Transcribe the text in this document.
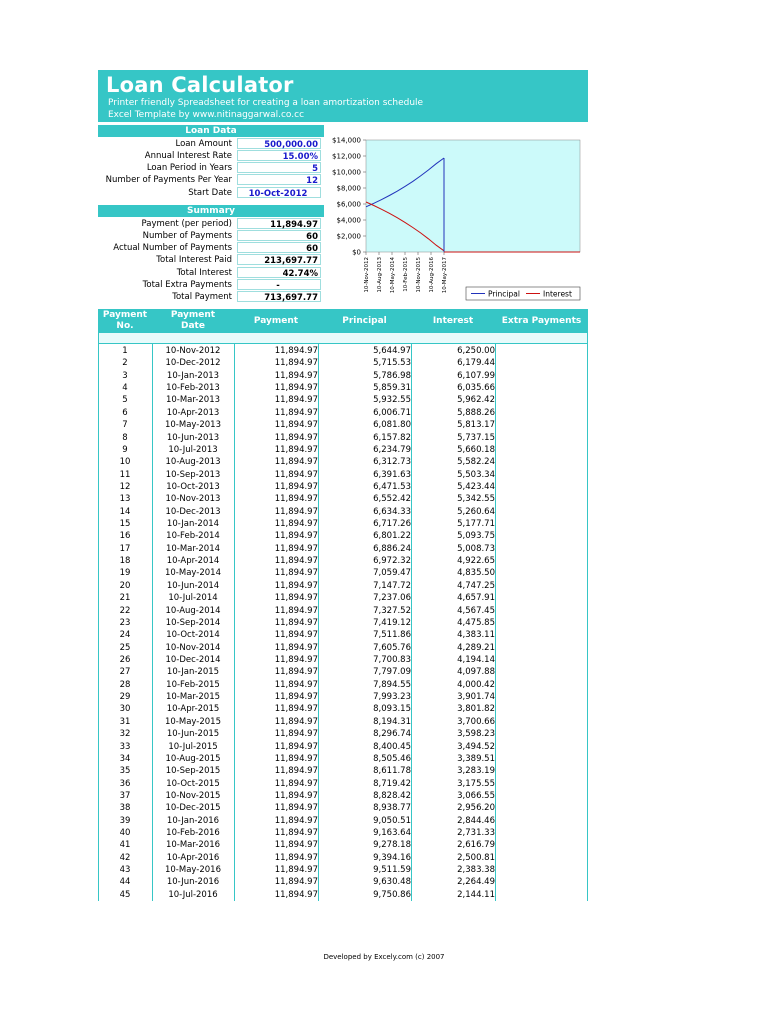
Loan Calculator
Printer friendly Spreadsheet for creating a loan amortization schedule
Excel Template by www.nitinaggarwal.co.cc
Loan Data
Loan Amount	500,000.00
Annual Interest Rate	15.00%
Loan Period in Years	5
Number of Payments Per Year	12
Start Date	10-Oct-2012
Summary
Payment (per period)	11,894.97
Number of Payments	60
Actual Number of Payments	60
Total Interest Paid	213,697.77
Total Interest	42.74%
Total Extra Payments	-
Total Payment	713,697.77
$0
$2,000
$4,000
$6,000
$8,000
$10,000
$12,000
$14,000
10-Nov-2012 10-Aug-2013 10-May-2014 10-Feb-2015 10-Nov-2015 10-Aug-2016 10-May-2017
Principal	Interest
Payment
No.
Payment
Date	Payment	Principal	Interest	Extra Payments
1	10-Nov-2012	11,894.97	5,644.97	6,250.00
2	10-Dec-2012	11,894.97	5,715.53	6,179.44
3	10-Jan-2013	11,894.97	5,786.98	6,107.99
4	10-Feb-2013	11,894.97	5,859.31	6,035.66
5	10-Mar-2013	11,894.97	5,932.55	5,962.42
6	10-Apr-2013	11,894.97	6,006.71	5,888.26
7	10-May-2013	11,894.97	6,081.80	5,813.17
8	10-Jun-2013	11,894.97	6,157.82	5,737.15
9	10-Jul-2013	11,894.97	6,234.79	5,660.18
10	10-Aug-2013	11,894.97	6,312.73	5,582.24
11	10-Sep-2013	11,894.97	6,391.63	5,503.34
12	10-Oct-2013	11,894.97	6,471.53	5,423.44
13	10-Nov-2013	11,894.97	6,552.42	5,342.55
14	10-Dec-2013	11,894.97	6,634.33	5,260.64
15	10-Jan-2014	11,894.97	6,717.26	5,177.71
16	10-Feb-2014	11,894.97	6,801.22	5,093.75
17	10-Mar-2014	11,894.97	6,886.24	5,008.73
18	10-Apr-2014	11,894.97	6,972.32	4,922.65
19	10-May-2014	11,894.97	7,059.47	4,835.50
20	10-Jun-2014	11,894.97	7,147.72	4,747.25
21	10-Jul-2014	11,894.97	7,237.06	4,657.91
22	10-Aug-2014	11,894.97	7,327.52	4,567.45
23	10-Sep-2014	11,894.97	7,419.12	4,475.85
24	10-Oct-2014	11,894.97	7,511.86	4,383.11
25	10-Nov-2014	11,894.97	7,605.76	4,289.21
26	10-Dec-2014	11,894.97	7,700.83	4,194.14
27	10-Jan-2015	11,894.97	7,797.09	4,097.88
28	10-Feb-2015	11,894.97	7,894.55	4,000.42
29	10-Mar-2015	11,894.97	7,993.23	3,901.74
30	10-Apr-2015	11,894.97	8,093.15	3,801.82
31	10-May-2015	11,894.97	8,194.31	3,700.66
32	10-Jun-2015	11,894.97	8,296.74	3,598.23
33	10-Jul-2015	11,894.97	8,400.45	3,494.52
34	10-Aug-2015	11,894.97	8,505.46	3,389.51
35	10-Sep-2015	11,894.97	8,611.78	3,283.19
36	10-Oct-2015	11,894.97	8,719.42	3,175.55
37	10-Nov-2015	11,894.97	8,828.42	3,066.55
38	10-Dec-2015	11,894.97	8,938.77	2,956.20
39	10-Jan-2016	11,894.97	9,050.51	2,844.46
40	10-Feb-2016	11,894.97	9,163.64	2,731.33
41	10-Mar-2016	11,894.97	9,278.18	2,616.79
42	10-Apr-2016	11,894.97	9,394.16	2,500.81
43	10-May-2016	11,894.97	9,511.59	2,383.38
44	10-Jun-2016	11,894.97	9,630.48	2,264.49
45	10-Jul-2016	11,894.97	9,750.86	2,144.11
Developed by Excely.com (c) 2007
